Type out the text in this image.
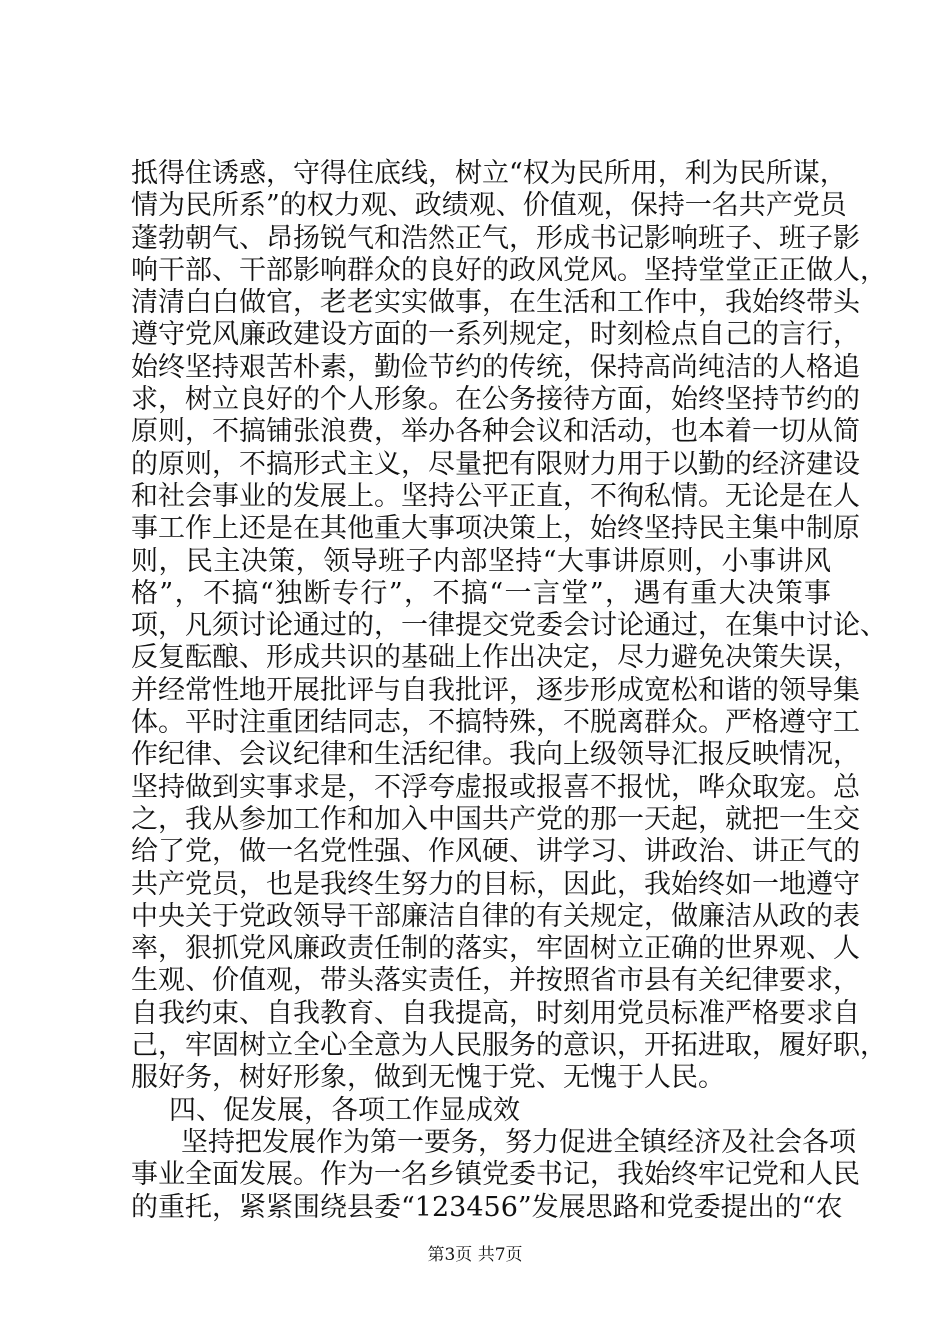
抵得住诱惑，守得住底线，树立“权为民所用，利为民所谋，
情为民所系”的权力观、政绩观、价值观，保持一名共产党员
蓬勃朝气、昂扬锐气和浩然正气，形成书记影响班子、班子影
响干部、干部影响群众的良好的政风党风。坚持堂堂正正做人，
清清白白做官，老老实实做事，在生活和工作中，我始终带头
遵守党风廉政建设方面的一系列规定，时刻检点自己的言行，
始终坚持艰苦朴素，勤俭节约的传统，保持高尚纯洁的人格追
求，树立良好的个人形象。在公务接待方面，始终坚持节约的
原则，不搞铺张浪费，举办各种会议和活动，也本着一切从简
的原则，不搞形式主义，尽量把有限财力用于以勤的经济建设
和社会事业的发展上。坚持公平正直，不徇私情。无论是在人
事工作上还是在其他重大事项决策上，始终坚持民主集中制原
则，民主决策，领导班子内部坚持“大事讲原则，小事讲风
格”，不搞“独断专行”，不搞“一言堂”，遇有重大决策事
项，凡须讨论通过的，一律提交党委会讨论通过，在集中讨论、
反复酝酿、形成共识的基础上作出决定，尽力避免决策失误，
并经常性地开展批评与自我批评，逐步形成宽松和谐的领导集
体。平时注重团结同志，不搞特殊，不脱离群众。严格遵守工
作纪律、会议纪律和生活纪律。我向上级领导汇报反映情况，
坚持做到实事求是，不浮夸虚报或报喜不报忧，哗众取宠。总
之，我从参加工作和加入中国共产党的那一天起，就把一生交
给了党，做一名党性强、作风硬、讲学习、讲政治、讲正气的
共产党员，也是我终生努力的目标，因此，我始终如一地遵守
中央关于党政领导干部廉洁自律的有关规定，做廉洁从政的表
率，狠抓党风廉政责任制的落实，牢固树立正确的世界观、人
生观、价值观，带头落实责任，并按照省市县有关纪律要求，
自我约束、自我教育、自我提高，时刻用党员标准严格要求自
己，牢固树立全心全意为人民服务的意识，开拓进取，履好职，
服好务，树好形象，做到无愧于党、无愧于人民。
四、促发展，各项工作显成效
坚持把发展作为第一要务，努力促进全镇经济及社会各项
事业全面发展。作为一名乡镇党委书记，我始终牢记党和人民
的重托，紧紧围绕县委“123456”发展思路和党委提出的“农
第3页 共7页
